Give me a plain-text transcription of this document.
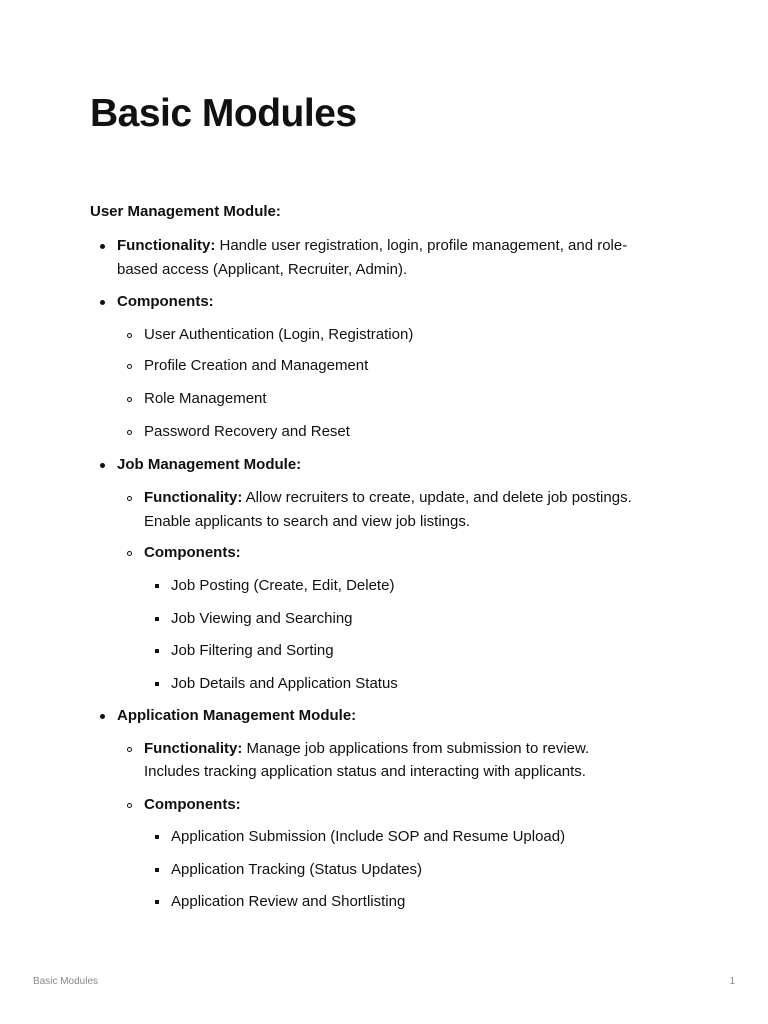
Basic Modules

User Management Module:

Functionality: Handle user registration, login, profile management, and role-
based access (Applicant, Recruiter, Admin).
Components:
User Authentication (Login, Registration)
Profile Creation and Management
Role Management
Password Recovery and Reset
Job Management Module:
Functionality: Allow recruiters to create, update, and delete job postings.
Enable applicants to search and view job listings.
Components:
Job Posting (Create, Edit, Delete)
Job Viewing and Searching
Job Filtering and Sorting
Job Details and Application Status
Application Management Module:
Functionality: Manage job applications from submission to review.
Includes tracking application status and interacting with applicants.
Components:
Application Submission (Include SOP and Resume Upload)
Application Tracking (Status Updates)
Application Review and Shortlisting
Basic Modules	1
